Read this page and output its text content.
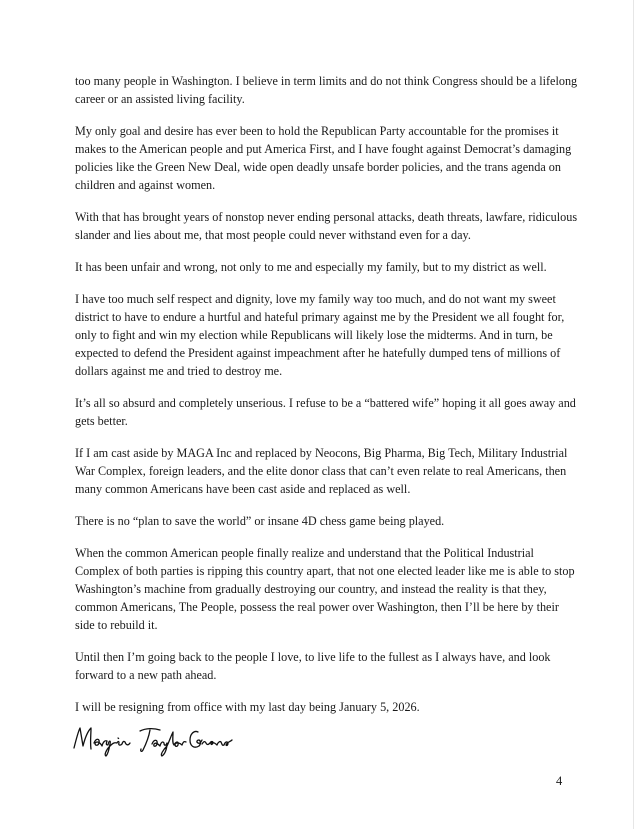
too many people in Washington. I believe in term limits and do not think Congress should be a lifelong career or an assisted living facility.

My only goal and desire has ever been to hold the Republican Party accountable for the promises it makes to the American people and put America First, and I have fought against Democrat’s damaging policies like the Green New Deal, wide open deadly unsafe border policies, and the trans agenda on children and against women.

With that has brought years of nonstop never ending personal attacks, death threats, lawfare, ridiculous slander and lies about me, that most people could never withstand even for a day.

It has been unfair and wrong, not only to me and especially my family, but to my district as well.

I have too much self respect and dignity, love my family way too much, and do not want my sweet district to have to endure a hurtful and hateful primary against me by the President we all fought for, only to fight and win my election while Republicans will likely lose the midterms. And in turn, be expected to defend the President against impeachment after he hatefully dumped tens of millions of dollars against me and tried to destroy me.

It’s all so absurd and completely unserious. I refuse to be a “battered wife” hoping it all goes away and gets better.

If I am cast aside by MAGA Inc and replaced by Neocons, Big Pharma, Big Tech, Military Industrial War Complex, foreign leaders, and the elite donor class that can’t even relate to real Americans, then many common Americans have been cast aside and replaced as well.

There is no “plan to save the world” or insane 4D chess game being played.

When the common American people finally realize and understand that the Political Industrial Complex of both parties is ripping this country apart, that not one elected leader like me is able to stop Washington’s machine from gradually destroying our country, and instead the reality is that they, common Americans, The People, possess the real power over Washington, then I’ll be here by their side to rebuild it.

Until then I’m going back to the people I love, to live life to the fullest as I always have, and look forward to a new path ahead.

I will be resigning from office with my last day being January 5, 2026.

4
